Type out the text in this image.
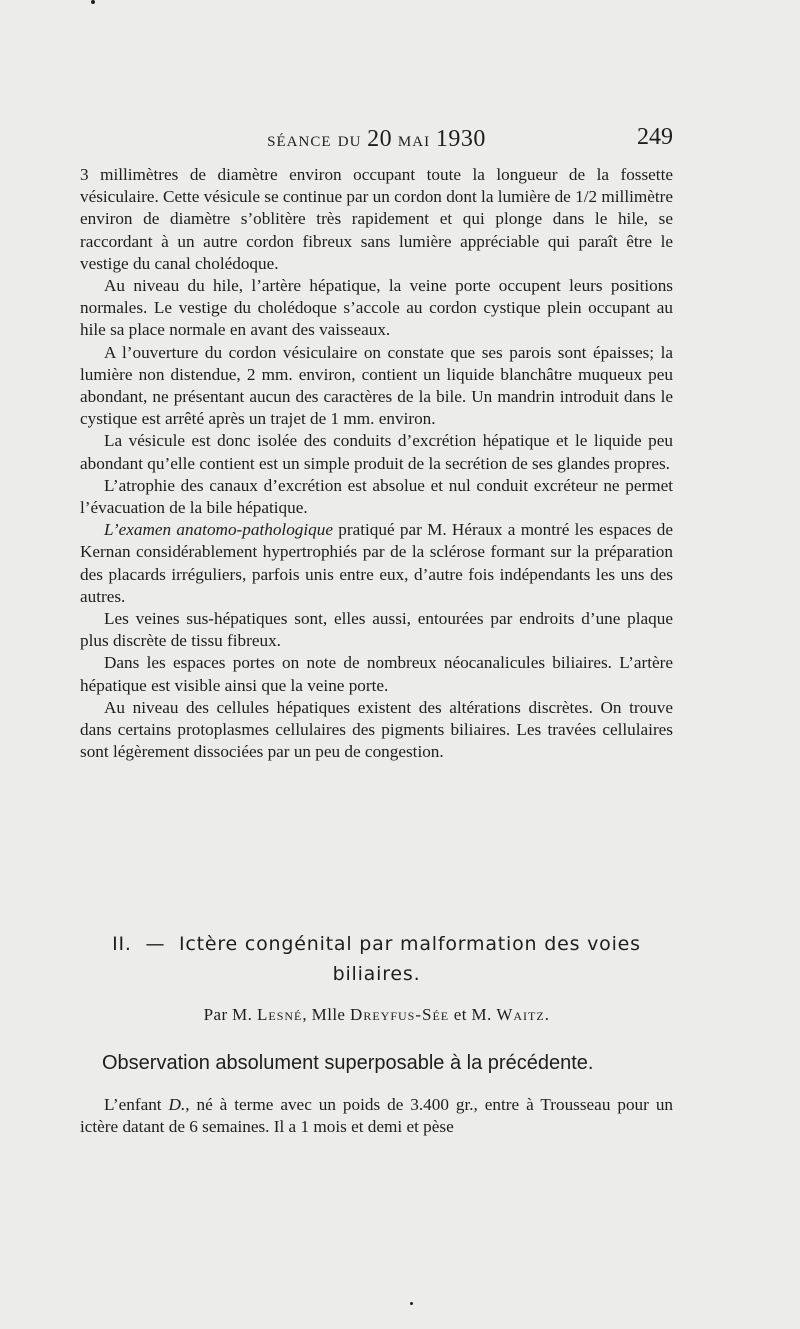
séance du 20 mai 1930	249

3 millimètres de diamètre environ occupant toute la longueur de la fossette vésiculaire. Cette vésicule se continue par un cordon dont la lumière de 1/2 millimètre environ de diamètre s’oblitère très rapidement et qui plonge dans le hile, se raccordant à un autre cordon fibreux sans lumière appréciable qui paraît être le vestige du canal cholédoque.

Au niveau du hile, l’artère hépatique, la veine porte occupent leurs positions normales. Le vestige du cholédoque s’accole au cordon cystique plein occupant au hile sa place normale en avant des vaisseaux.

A l’ouverture du cordon vésiculaire on constate que ses parois sont épaisses; la lumière non distendue, 2 mm. environ, contient un liquide blanchâtre muqueux peu abondant, ne présentant aucun des caractères de la bile. Un mandrin introduit dans le cystique est arrêté après un trajet de 1 mm. environ.

La vésicule est donc isolée des conduits d’excrétion hépatique et le liquide peu abondant qu’elle contient est un simple produit de la secrétion de ses glandes propres.

L’atrophie des canaux d’excrétion est absolue et nul conduit excréteur ne permet l’évacuation de la bile hépatique.

L’examen anatomo-pathologique pratiqué par M. Héraux a montré les espaces de Kernan considérablement hypertrophiés par de la sclérose formant sur la préparation des placards irréguliers, parfois unis entre eux, d’autre fois indépendants les uns des autres.

Les veines sus-hépatiques sont, elles aussi, entourées par endroits d’une plaque plus discrète de tissu fibreux.

Dans les espaces portes on note de nombreux néocanalicules biliaires. L’artère hépatique est visible ainsi que la veine porte.

Au niveau des cellules hépatiques existent des altérations discrètes. On trouve dans certains protoplasmes cellulaires des pigments biliaires. Les travées cellulaires sont légèrement dissociées par un peu de congestion.

II. — Ictère congénital par malformation des voies
biliaires.
Par M. Lesné, Mlle Dreyfus-Sée et M. Waitz.
Observation absolument superposable à la précédente.

L’enfant D., né à terme avec un poids de 3.400 gr., entre à Trousseau pour un ictère datant de 6 semaines. Il a 1 mois et demi et pèse
